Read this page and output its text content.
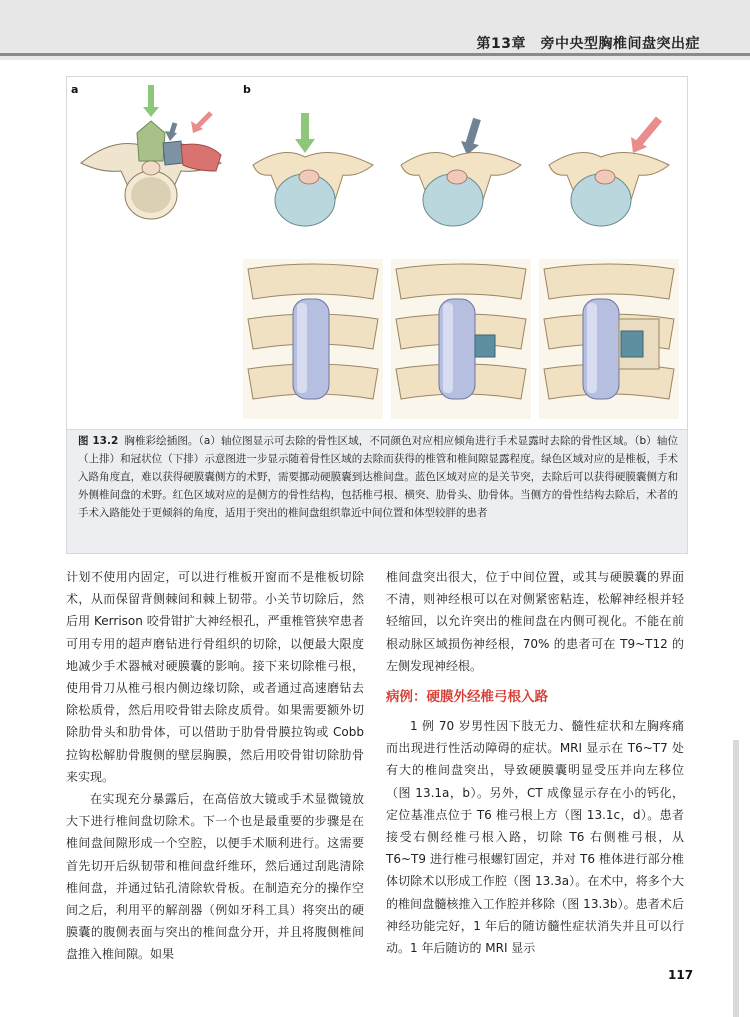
第13章　旁中央型胸椎间盘突出症
a	b
图 13.2 胸椎彩绘插图。（a）轴位图显示可去除的骨性区域，不同颜色对应相应倾角进行手术显露时去除的骨性区域。（b）轴位（上排）和冠状位（下排）示意图进一步显示随着骨性区域的去除而获得的椎管和椎间隙显露程度。绿色区域对应的是椎板，手术入路角度直，难以获得硬膜囊侧方的术野，需要挪动硬膜囊到达椎间盘。蓝色区域对应的是关节突，去除后可以获得硬膜囊侧方和外侧椎间盘的术野。红色区域对应的是侧方的骨性结构，包括椎弓根、横突、肋骨头、肋骨体。当侧方的骨性结构去除后，术者的手术入路能处于更倾斜的角度，适用于突出的椎间盘组织靠近中间位置和体型较胖的患者

计划不使用内固定，可以进行椎板开窗而不是椎板切除术，从而保留背侧棘间和棘上韧带。小关节切除后，然后用 Kerrison 咬骨钳扩大神经根孔，严重椎管狭窄患者可用专用的超声磨钻进行骨组织的切除，以便最大限度地减少手术器械对硬膜囊的影响。接下来切除椎弓根，使用骨刀从椎弓根内侧边缘切除，或者通过高速磨钻去除松质骨，然后用咬骨钳去除皮质骨。如果需要额外切除肋骨头和肋骨体，可以借助于肋骨骨膜拉钩或 Cobb 拉钩松解肋骨腹侧的壁层胸膜，然后用咬骨钳切除肋骨来实现。

在实现充分暴露后，在高倍放大镜或手术显微镜放大下进行椎间盘切除术。下一个也是最重要的步骤是在椎间盘间隙形成一个空腔，以便手术顺利进行。这需要首先切开后纵韧带和椎间盘纤维环，然后通过刮匙清除椎间盘，并通过钻孔清除软骨板。在制造充分的操作空间之后，利用平的解剖器（例如牙科工具）将突出的硬膜囊的腹侧表面与突出的椎间盘分开，并且将腹侧椎间盘推入椎间隙。如果

椎间盘突出很大，位于中间位置，或其与硬膜囊的界面不清，则神经根可以在对侧紧密粘连，松解神经根并轻轻缩回，以允许突出的椎间盘在内侧可视化。不能在前根动脉区域损伤神经根，70% 的患者可在 T9~T12 的左侧发现神经根。

病例：硬膜外经椎弓根入路

1 例 70 岁男性因下肢无力、髓性症状和左胸疼痛而出现进行性活动障碍的症状。MRI 显示在 T6~T7 处有大的椎间盘突出，导致硬膜囊明显受压并向左移位（图 13.1a，b）。另外，CT 成像显示存在小的钙化，定位基准点位于 T6 椎弓根上方（图 13.1c，d）。患者接受右侧经椎弓根入路，切除 T6 右侧椎弓根，从 T6~T9 进行椎弓根螺钉固定，并对 T6 椎体进行部分椎体切除术以形成工作腔（图 13.3a）。在术中，将多个大的椎间盘髓核推入工作腔并移除（图 13.3b）。患者术后神经功能完好，1 年后的随访髓性症状消失并且可以行动。1 年后随访的 MRI 显示

117
